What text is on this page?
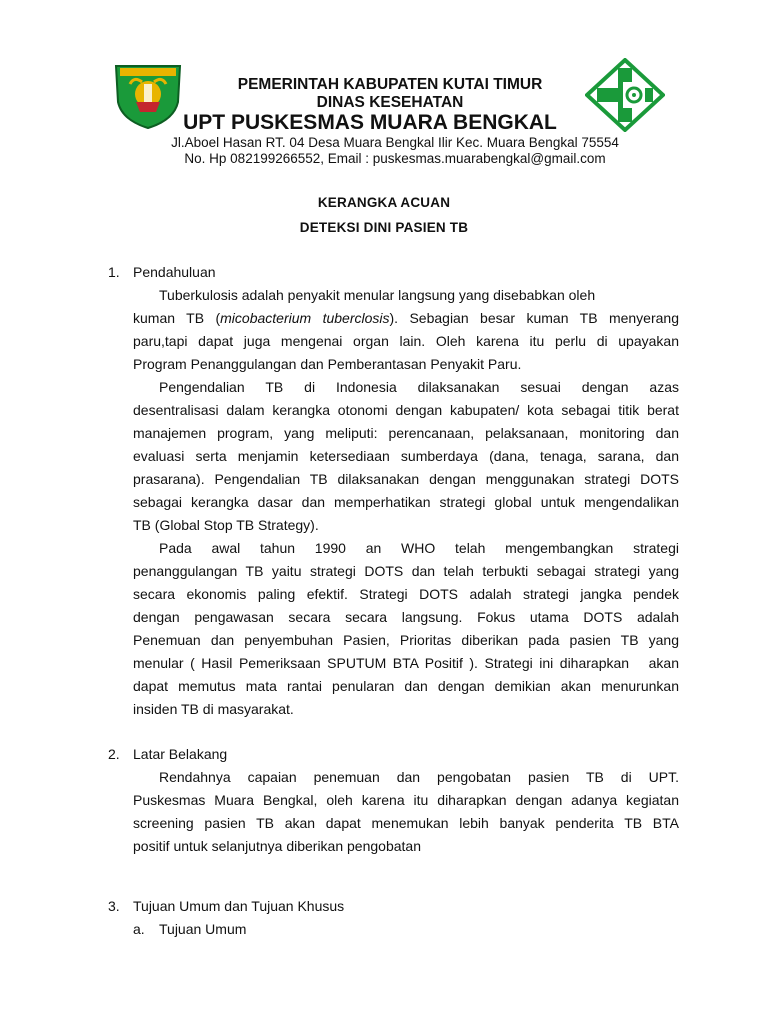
PEMERINTAH KABUPATEN KUTAI TIMUR
DINAS KESEHATAN
UPT PUSKESMAS MUARA BENGKAL
Jl.Aboel Hasan RT. 04 Desa Muara Bengkal Ilir Kec. Muara Bengkal 75554
No. Hp 082199266552, Email : puskesmas.muarabengkal@gmail.com
KERANGKA ACUAN
DETEKSI DINI PASIEN TB
1. Pendahuluan
Tuberkulosis adalah penyakit menular langsung yang disebabkan oleh
kuman TB (micobacterium tuberclosis). Sebagian besar kuman TB menyerang
paru,tapi dapat juga mengenai organ lain. Oleh karena itu perlu di upayakan
Program Penanggulangan dan Pemberantasan Penyakit Paru.
Pengendalian TB di Indonesia dilaksanakan sesuai dengan azas
desentralisasi dalam kerangka otonomi dengan kabupaten/ kota sebagai titik berat
manajemen program, yang meliputi: perencanaan, pelaksanaan, monitoring dan
evaluasi serta menjamin ketersediaan sumberdaya (dana, tenaga, sarana, dan
prasarana). Pengendalian TB dilaksanakan dengan menggunakan strategi DOTS
sebagai kerangka dasar dan memperhatikan strategi global untuk mengendalikan
TB (Global Stop TB Strategy).
Pada awal tahun 1990 an WHO telah mengembangkan strategi
penanggulangan TB yaitu strategi DOTS dan telah terbukti sebagai strategi yang
secara ekonomis paling efektif. Strategi DOTS adalah strategi jangka pendek
dengan pengawasan secara secara langsung. Fokus utama DOTS adalah
Penemuan dan penyembuhan Pasien, Prioritas diberikan pada pasien TB yang
menular ( Hasil Pemeriksaan SPUTUM BTA Positif ). Strategi ini diharapkan   akan
dapat memutus mata rantai penularan dan dengan demikian akan menurunkan
insiden TB di masyarakat.
2. Latar Belakang
Rendahnya capaian penemuan dan pengobatan pasien TB di UPT.
Puskesmas Muara Bengkal, oleh karena itu diharapkan dengan adanya kegiatan
screening pasien TB akan dapat menemukan lebih banyak penderita TB BTA
positif untuk selanjutnya diberikan pengobatan
3. Tujuan Umum dan Tujuan Khusus
a. Tujuan Umum
